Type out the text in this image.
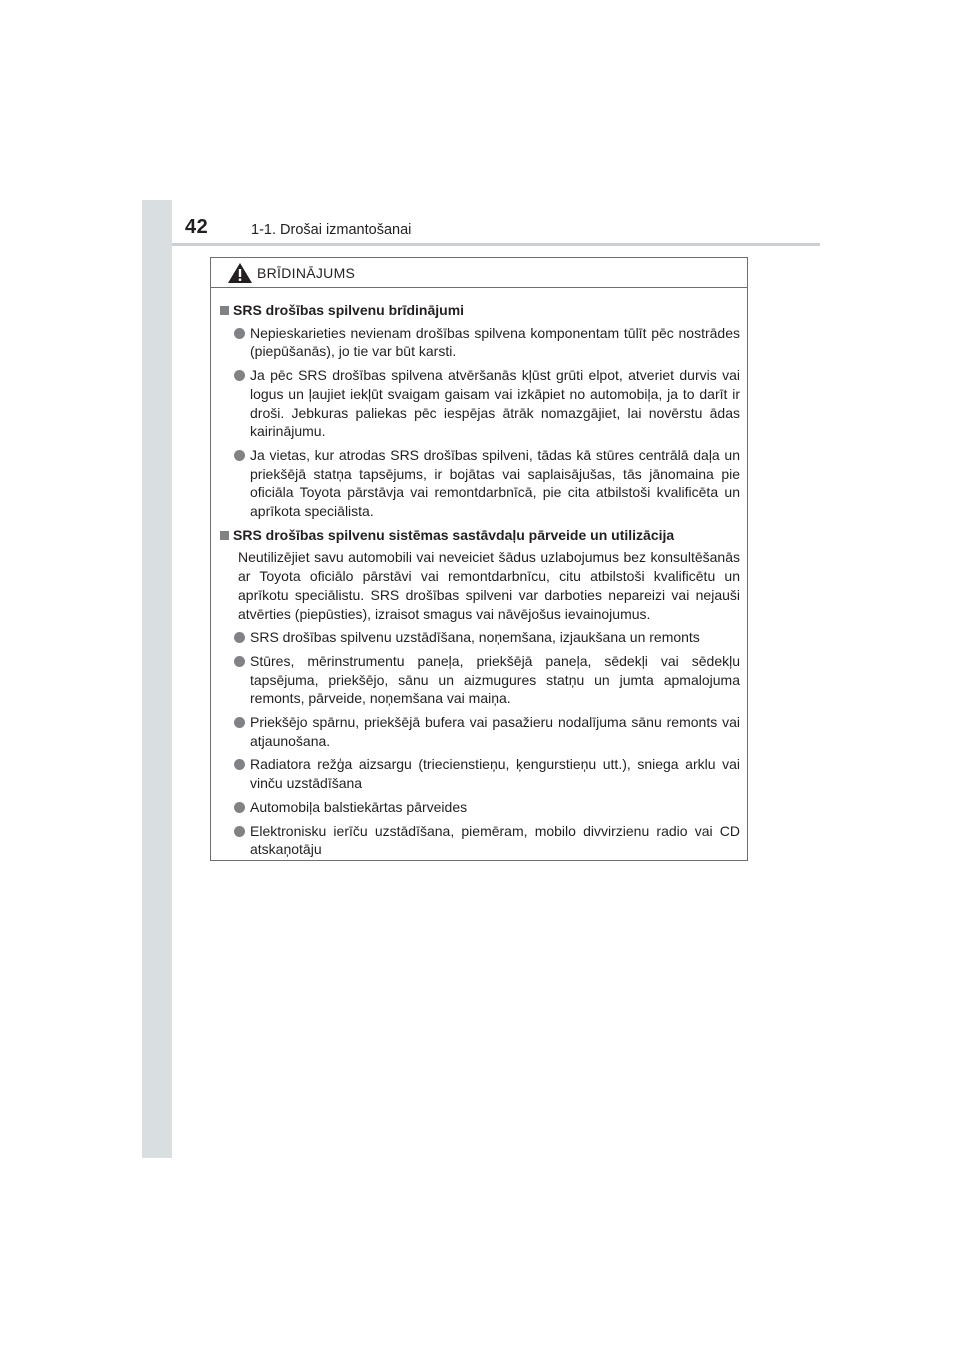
42	1-1. Drošai izmantošanai
BRĪDINĀJUMS
SRS drošības spilvenu brīdinājumi
Nepieskarieties nevienam drošības spilvena komponentam tūlīt pēc nostrādes (piepūšanās), jo tie var būt karsti.
Ja pēc SRS drošības spilvena atvēršanās kļūst grūti elpot, atveriet durvis vai logus un ļaujiet iekļūt svaigam gaisam vai izkāpiet no automobiļa, ja to darīt ir droši. Jebkuras paliekas pēc iespējas ātrāk nomazgājiet, lai novērstu ādas kairinājumu.
Ja vietas, kur atrodas SRS drošības spilveni, tādas kā stūres centrālā daļa un priekšējā statņa tapsējums, ir bojātas vai saplaisājušas, tās jānomaina pie oficiāla Toyota pārstāvja vai remontdarbnīcā, pie cita atbilstoši kvalificēta un aprīkota speciālista.
SRS drošības spilvenu sistēmas sastāvdaļu pārveide un utilizācija
Neutilizējiet savu automobili vai neveiciet šādus uzlabojumus bez konsultēšanās ar Toyota oficiālo pārstāvi vai remontdarbnīcu, citu atbilstoši kvalificētu un aprīkotu speciālistu. SRS drošības spilveni var darboties nepareizi vai nejauši atvērties (piepūsties), izraisot smagus vai nāvējošus ievainojumus.
SRS drošības spilvenu uzstādīšana, noņemšana, izjaukšana un remonts
Stūres, mērinstrumentu paneļa, priekšējā paneļa, sēdekļi vai sēdekļu tapsējuma, priekšējo, sānu un aizmugures statņu un jumta apmalojuma remonts, pārveide, noņemšana vai maiņa.
Priekšējo spārnu, priekšējā bufera vai pasažieru nodalījuma sānu remonts vai atjaunošana.
Radiatora režģa aizsargu (triecienstieņu, ķengurstieņu utt.), sniega arklu vai vinču uzstādīšana
Automobiļa balstiekārtas pārveides
Elektronisku ierīču uzstādīšana, piemēram, mobilo divvirzienu radio vai CD atskaņotāju
